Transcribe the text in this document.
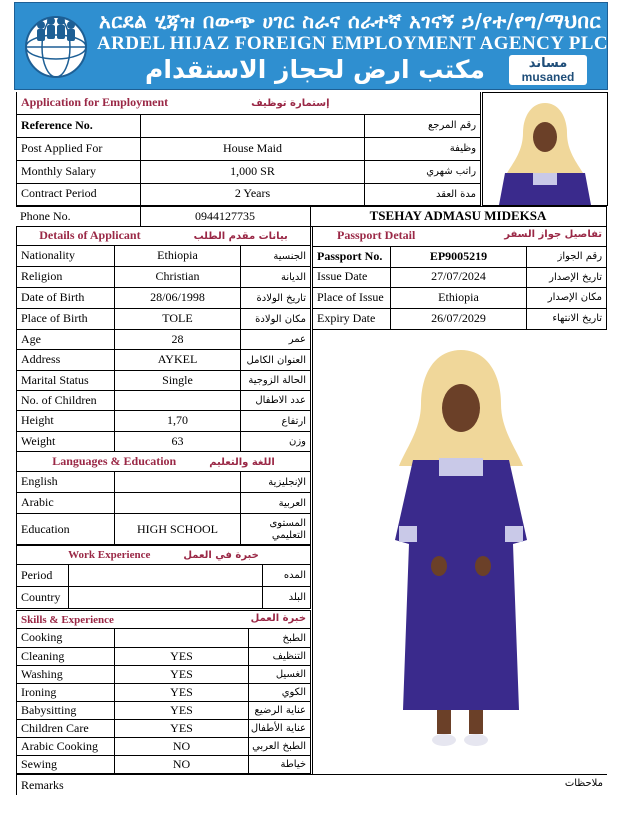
አርደል ሂጃዝ በውጭ ሀገር ስራና ሰራተኛ አገናኝ ኃ/የተ/የግ/ማህበር
ARDEL HIJAZ FOREIGN EMPLOYMENT AGENCY PLC
مكتب ارض لحجاز الاستقدام	مساند
musaned
Application for Employment إستمارة توظيف		
Reference No.		رقم المرجع
Post Applied For	House Maid	وظيفة
Monthly Salary	1,000 SR	راتب شهري
Contract Period	2 Years	مدة العقد
Phone No.	0944127735	TSEHAY ADMASU MIDEKSA
Details of Applicant بيانات مقدم الطلب		
Nationality	Ethiopia	الجنسية
Religion	Christian	الديانة
Date of Birth	28/06/1998	تاريخ الولادة
Place of Birth	TOLE	مكان الولادة
Age	28	عمر
Address	AYKEL	العنوان الكامل
Marital Status	Single	الحالة الزوجية
No. of Children		عدد الاطفال
Height	1,70	ارتفاع
Weight	63	وزن
Languages & Education اللغة والتعليم		
English		الإنجليزية
Arabic		العربية
Education	HIGH SCHOOL	المستوى
التعليمي
Work Experience خبرة في العمل		
Period		المده
Country		البلد
Skills & Experience خبرة العمل		

Cooking		الطبخ
Cleaning	YES	التنظيف
Washing	YES	الغسيل
Ironing	YES	الكوي
Babysitting	YES	عناية الرضيع
Children Care	YES	عناية الأطفال
Arabic Cooking	NO	الطبخ العربي
Sewing	NO	خياطة
Passport Detail تفاصيل جواز السفر		

Passport No.	EP9005219	رقم الجواز
Issue Date	27/07/2024	تاريخ الإصدار
Place of Issue	Ethiopia	مكان الإصدار
Expiry Date	26/07/2029	تاريخ الانتهاء
Remarks	ملاحظات
